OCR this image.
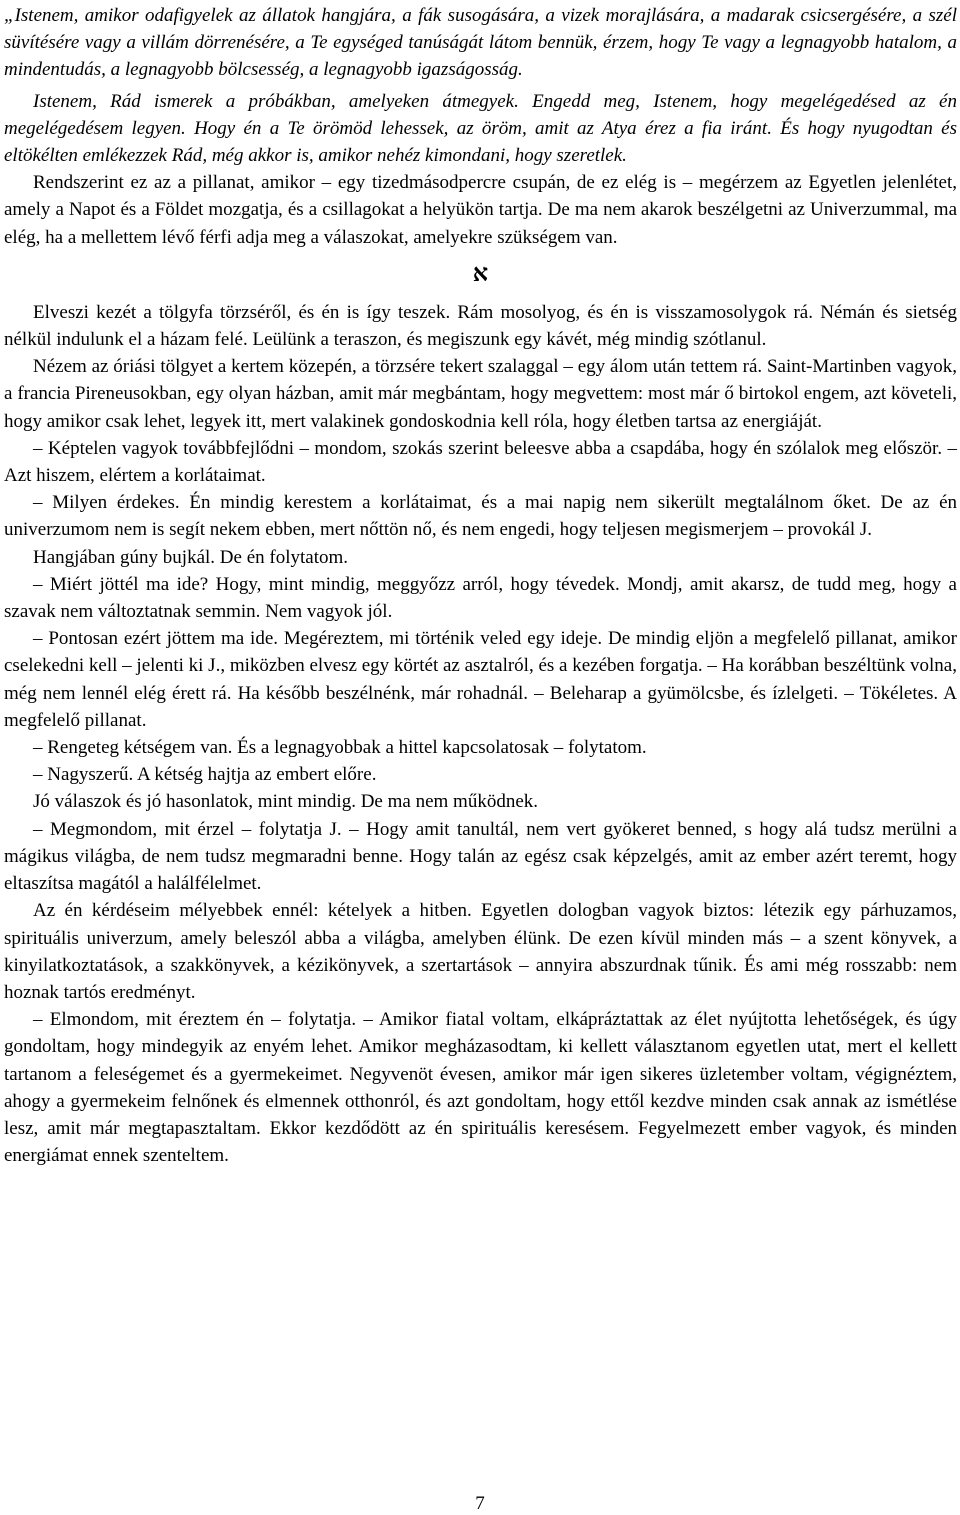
„Istenem, amikor odafigyelek az állatok hangjára, a fák susogására, a vizek morajlására, a madarak csicsergésére, a szél süvítésére vagy a villám dörrenésére, a Te egységed tanúságát látom bennük, érzem, hogy Te vagy a legnagyobb hatalom, a mindentudás, a legnagyobb bölcsesség, a legnagyobb igazságosság.

Istenem, Rád ismerek a próbákban, amelyeken átmegyek. Engedd meg, Istenem, hogy megelégedésed az én megelégedésem legyen. Hogy én a Te örömöd lehessek, az öröm, amit az Atya érez a fia iránt. És hogy nyugodtan és eltökélten emlékezzek Rád, még akkor is, amikor nehéz kimondani, hogy szeretlek.

Rendszerint ez az a pillanat, amikor – egy tizedmásodpercre csupán, de ez elég is – megérzem az Egyetlen jelenlétet, amely a Napot és a Földet mozgatja, és a csillagokat a helyükön tartja. De ma nem akarok beszélgetni az Univerzummal, ma elég, ha a mellettem lévő férfi adja meg a válaszokat, amelyekre szükségem van.

א

Elveszi kezét a tölgyfa törzséről, és én is így teszek. Rám mosolyog, és én is visszamosolygok rá. Némán és sietség nélkül indulunk el a házam felé. Leülünk a teraszon, és megiszunk egy kávét, még mindig szótlanul.

Nézem az óriási tölgyet a kertem közepén, a törzsére tekert szalaggal – egy álom után tettem rá. Saint-Martinben vagyok, a francia Pireneusokban, egy olyan házban, amit már megbántam, hogy megvettem: most már ő birtokol engem, azt követeli, hogy amikor csak lehet, legyek itt, mert valakinek gondoskodnia kell róla, hogy életben tartsa az energiáját.

– Képtelen vagyok továbbfejlődni – mondom, szokás szerint beleesve abba a csapdába, hogy én szólalok meg először. – Azt hiszem, elértem a korlátaimat.

– Milyen érdekes. Én mindig kerestem a korlátaimat, és a mai napig nem sikerült megtalálnom őket. De az én univerzumom nem is segít nekem ebben, mert nőttön nő, és nem engedi, hogy teljesen megismerjem – provokál J.

Hangjában gúny bujkál. De én folytatom.

– Miért jöttél ma ide? Hogy, mint mindig, meggyőzz arról, hogy tévedek. Mondj, amit akarsz, de tudd meg, hogy a szavak nem változtatnak semmin. Nem vagyok jól.

– Pontosan ezért jöttem ma ide. Megéreztem, mi történik veled egy ideje. De mindig eljön a megfelelő pillanat, amikor cselekedni kell – jelenti ki J., miközben elvesz egy körtét az asztalról, és a kezében forgatja. – Ha korábban beszéltünk volna, még nem lennél elég érett rá. Ha később beszélnénk, már rohadnál. – Beleharap a gyümölcsbe, és ízlelgeti. – Tökéletes. A megfelelő pillanat.

– Rengeteg kétségem van. És a legnagyobbak a hittel kapcsolatosak – folytatom.

– Nagyszerű. A kétség hajtja az embert előre.

Jó válaszok és jó hasonlatok, mint mindig. De ma nem működnek.

– Megmondom, mit érzel – folytatja J. – Hogy amit tanultál, nem vert gyökeret benned, s hogy alá tudsz merülni a mágikus világba, de nem tudsz megmaradni benne. Hogy talán az egész csak képzelgés, amit az ember azért teremt, hogy eltaszítsa magától a halálfélelmet.

Az én kérdéseim mélyebbek ennél: kételyek a hitben. Egyetlen dologban vagyok biztos: létezik egy párhuzamos, spirituális univerzum, amely beleszól abba a világba, amelyben élünk. De ezen kívül minden más – a szent könyvek, a kinyilatkoztatások, a szakkönyvek, a kézikönyvek, a szertartások – annyira abszurdnak tűnik. És ami még rosszabb: nem hoznak tartós eredményt.

– Elmondom, mit éreztem én – folytatja. – Amikor fiatal voltam, elkápráztattak az élet nyújtotta lehetőségek, és úgy gondoltam, hogy mindegyik az enyém lehet. Amikor megházasodtam, ki kellett választanom egyetlen utat, mert el kellett tartanom a feleségemet és a gyermekeimet. Negyvenöt évesen, amikor már igen sikeres üzletember voltam, végignéztem, ahogy a gyermekeim felnőnek és elmennek otthonról, és azt gondoltam, hogy ettől kezdve minden csak annak az ismétlése lesz, amit már megtapasztaltam. Ekkor kezdődött az én spirituális keresésem. Fegyelmezett ember vagyok, és minden energiámat ennek szenteltem.

7
